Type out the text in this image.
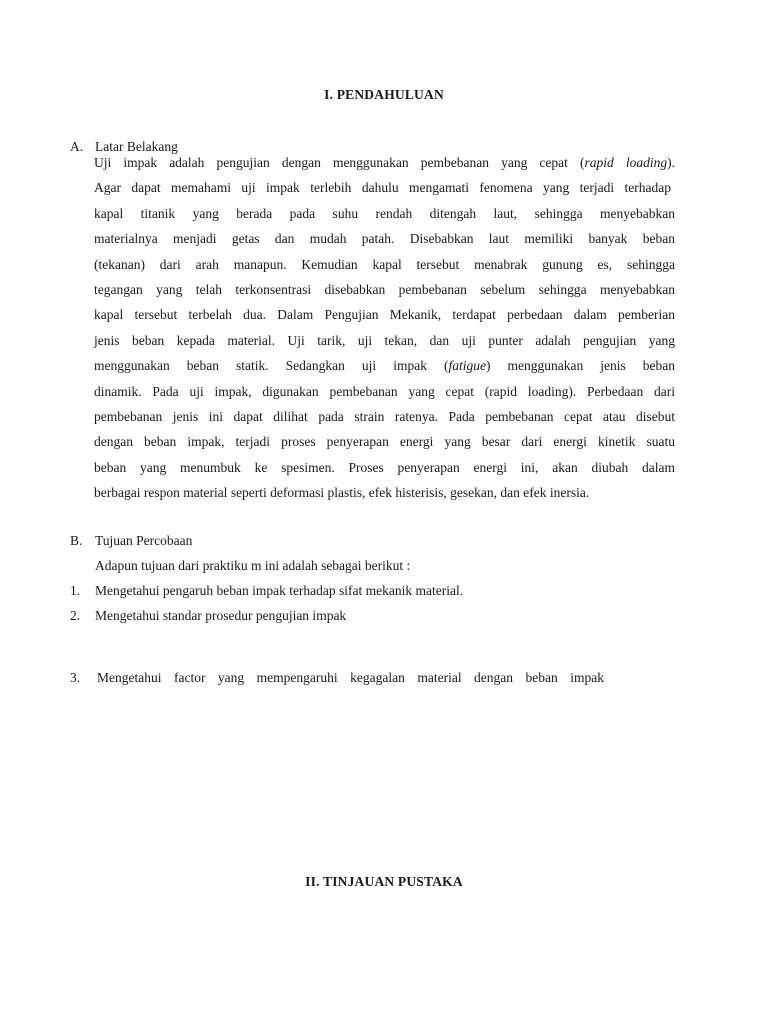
I. PENDAHULUAN
A. Latar Belakang
Uji impak adalah pengujian dengan menggunakan pembebanan yang cepat (rapid loading).
Agar dapat memahami uji impak terlebih dahulu mengamati fenomena yang terjadi terhadap
kapal titanik yang berada pada suhu rendah ditengah laut, sehingga menyebabkan
materialnya menjadi getas dan mudah patah. Disebabkan laut memiliki banyak beban
(tekanan) dari arah manapun. Kemudian kapal tersebut menabrak gunung es, sehingga
tegangan yang telah terkonsentrasi disebabkan pembebanan sebelum sehingga menyebabkan
kapal tersebut terbelah dua. Dalam Pengujian Mekanik, terdapat perbedaan dalam pemberian
jenis beban kepada material. Uji tarik, uji tekan, dan uji punter adalah pengujian yang
menggunakan beban statik. Sedangkan uji impak (fatigue) menggunakan jenis beban
dinamik. Pada uji impak, digunakan pembebanan yang cepat (rapid loading). Perbedaan dari
pembebanan jenis ini dapat dilihat pada strain ratenya. Pada pembebanan cepat atau disebut
dengan beban impak, terjadi proses penyerapan energi yang besar dari energi kinetik suatu
beban yang menumbuk ke spesimen. Proses penyerapan energi ini, akan diubah dalam
berbagai respon material seperti deformasi plastis, efek histerisis, gesekan, dan efek inersia.
B. Tujuan Percobaan
Adapun tujuan dari praktiku m ini adalah sebagai berikut :
1. Mengetahui pengaruh beban impak terhadap sifat mekanik material.
2. Mengetahui standar prosedur pengujian impak
3. Mengetahui factor yang mempengaruhi kegagalan material dengan beban impak
II. TINJAUAN PUSTAKA
